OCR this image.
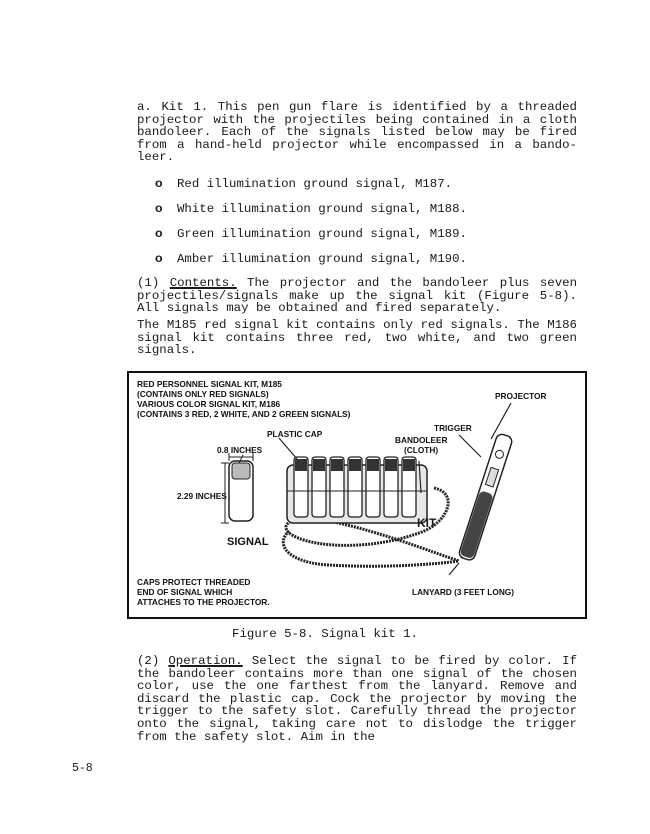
a. Kit 1. This pen gun flare is identified by a threaded projector with the projectiles being contained in a cloth bandoleer. Each of the signals listed below may be fired from a hand-held projector while encompassed in a bando- leer.
o Red illumination ground signal, M187.
o White illumination ground signal, M188.
o Green illumination ground signal, M189.
o Amber illumination ground signal, M190.
(1) Contents. The projector and the bandoleer plus seven projectiles/signals make up the signal kit (Figure 5-8). All signals may be obtained and fired separately.
The M185 red signal kit contains only red signals. The M186 signal kit contains three red, two white, and two green signals.
RED PERSONNEL SIGNAL KIT, M185
(CONTAINS ONLY RED SIGNALS)
VARIOUS COLOR SIGNAL KIT, M186
(CONTAINS 3 RED, 2 WHITE, AND 2 GREEN SIGNALS)
PROJECTOR
TRIGGER
BANDOLEER
(CLOTH)
PLASTIC CAP
0.8 INCHES
2.29 INCHES
SIGNAL
KIT
CAPS PROTECT THREADED
END OF SIGNAL WHICH
ATTACHES TO THE PROJECTOR.
LANYARD (3 FEET LONG)
Figure 5-8. Signal kit 1.
(2) Operation. Select the signal to be fired by color. If the bandoleer contains more than one signal of the chosen color, use the one farthest from the lanyard. Remove and discard the plastic cap. Cock the projector by moving the trigger to the safety slot. Carefully thread the projector onto the signal, taking care not to dislodge the trigger from the safety slot. Aim in the
5-8
